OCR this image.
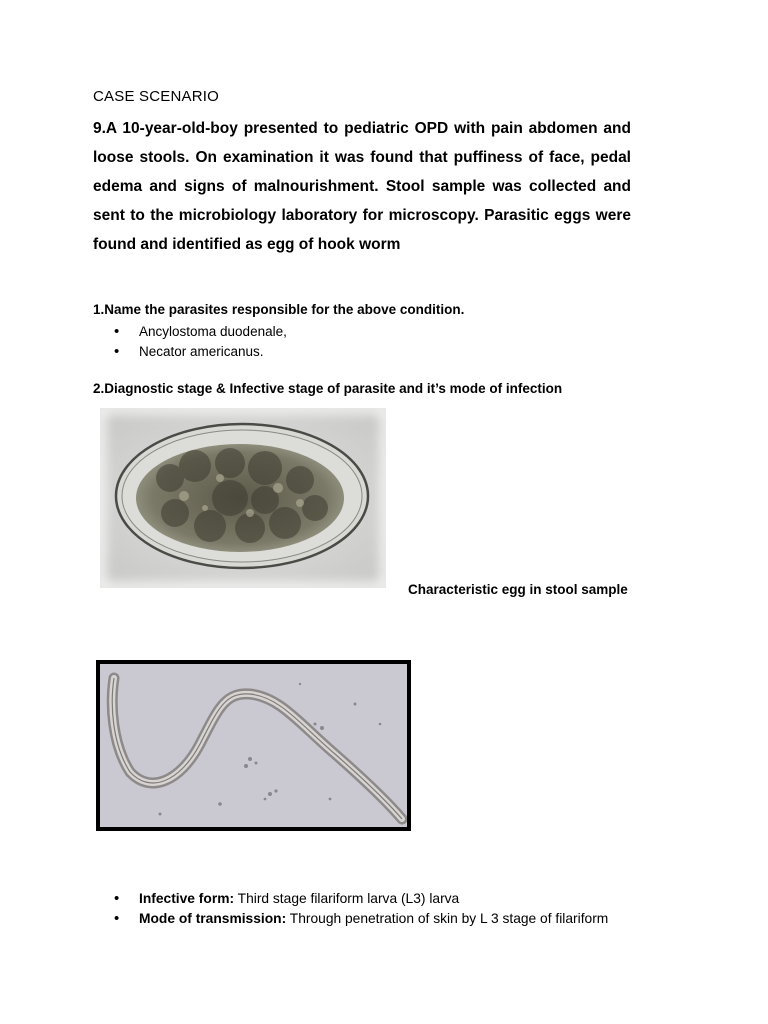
CASE SCENARIO

9.A 10-year-old-boy presented to pediatric OPD with pain abdomen and loose stools. On examination it was found that puffiness of face, pedal edema and signs of malnourishment. Stool sample was collected and sent to the microbiology laboratory for microscopy. Parasitic eggs were found and identified as egg of hook worm

1.Name the parasites responsible for the above condition.

• Ancylostoma duodenale,
• Necator americanus.

2.Diagnostic stage & Infective stage of parasite and it’s mode of infection

Characteristic egg in stool sample
• Infective form: Third stage filariform larva (L3) larva
• Mode of transmission: Through penetration of skin by L 3 stage of filariform
